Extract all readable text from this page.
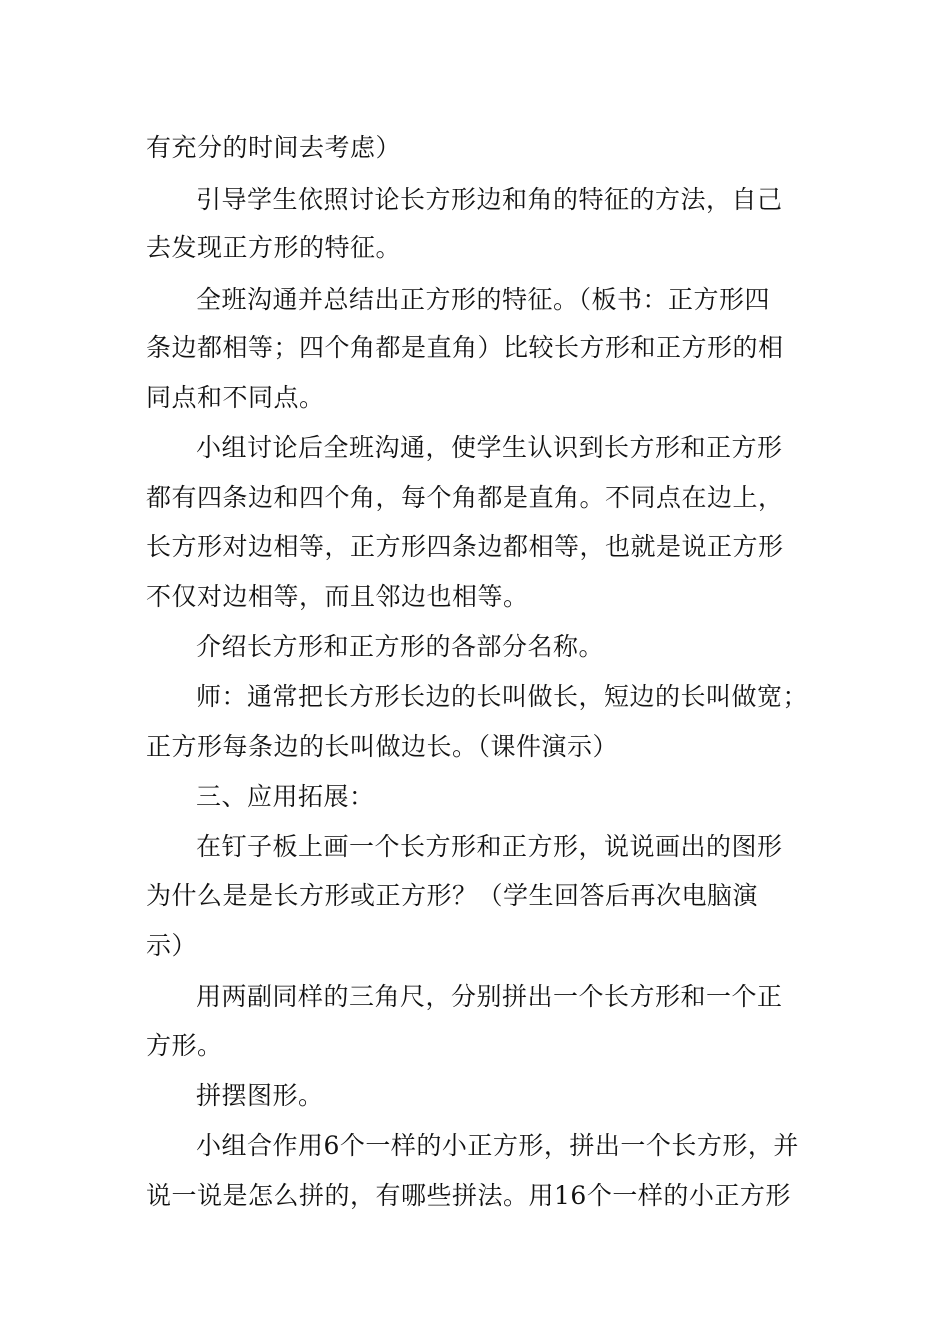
有充分的时间去考虑）
引导学生依照讨论长方形边和角的特征的方法，自己
去发现正方形的特征。
全班沟通并总结出正方形的特征。（板书：正方形四
条边都相等；四个角都是直角）比较长方形和正方形的相
同点和不同点。
小组讨论后全班沟通，使学生认识到长方形和正方形
都有四条边和四个角，每个角都是直角。不同点在边上，
长方形对边相等，正方形四条边都相等，也就是说正方形
不仅对边相等，而且邻边也相等。
介绍长方形和正方形的各部分名称。
师：通常把长方形长边的长叫做长，短边的长叫做宽；
正方形每条边的长叫做边长。（课件演示）
三、应用拓展：
在钉子板上画一个长方形和正方形，说说画出的图形
为什么是是长方形或正方形？（学生回答后再次电脑演
示）
用两副同样的三角尺，分别拼出一个长方形和一个正
方形。
拼摆图形。
小组合作用6个一样的小正方形，拼出一个长方形，并
说一说是怎么拼的，有哪些拼法。用16个一样的小正方形
